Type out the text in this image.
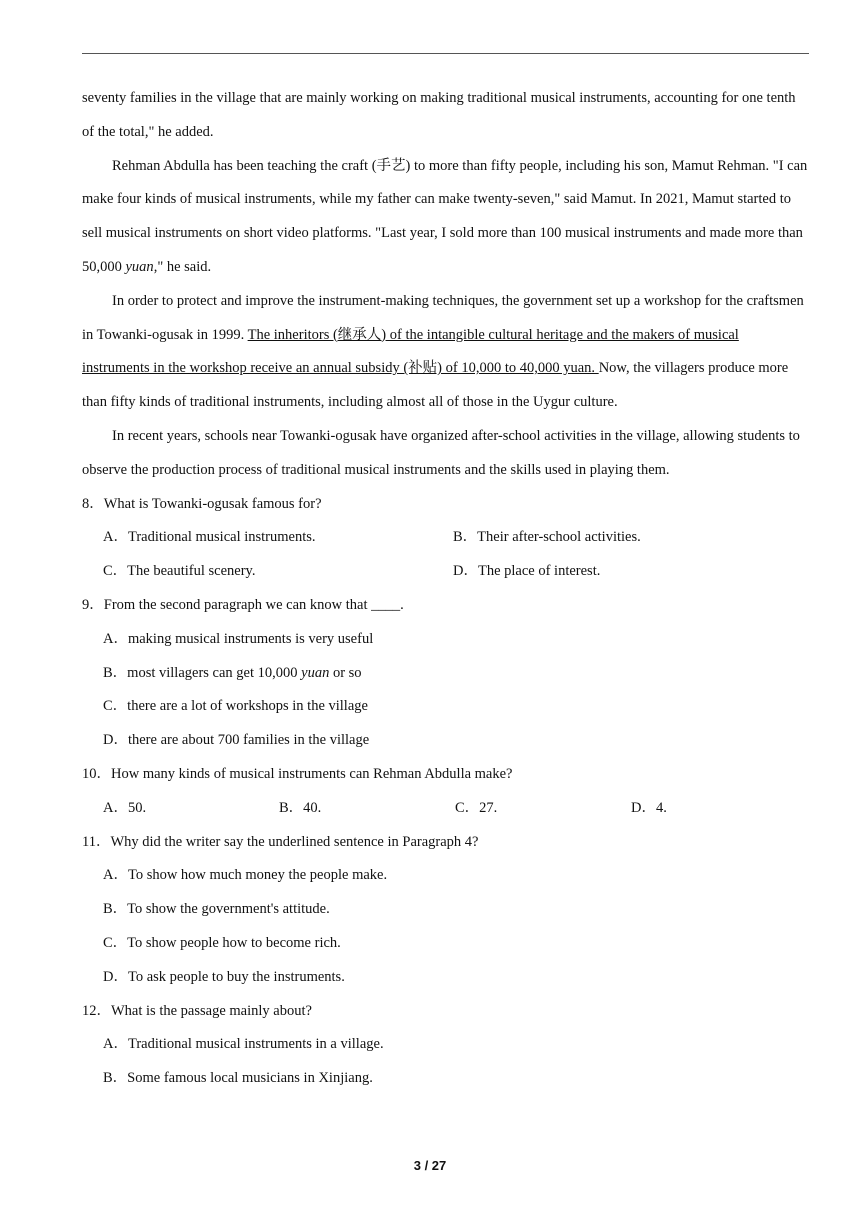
seventy families in the village that are mainly working on making traditional musical instruments, accounting for one tenth of the total," he added.

Rehman Abdulla has been teaching the craft (手艺) to more than fifty people, including his son, Mamut Rehman. "I can make four kinds of musical instruments, while my father can make twenty-seven," said Mamut. In 2021, Mamut started to sell musical instruments on short video platforms. "Last year, I sold more than 100 musical instruments and made more than 50,000 yuan," he said.

In order to protect and improve the instrument-making techniques, the government set up a workshop for the craftsmen in Towanki-ogusak in 1999. The inheritors (继承人) of the intangible cultural heritage and the makers of musical instruments in the workshop receive an annual subsidy (补贴) of 10,000 to 40,000 yuan. Now, the villagers produce more than fifty kinds of traditional instruments, including almost all of those in the Uygur culture.

In recent years, schools near Towanki-ogusak have organized after-school activities in the village, allowing students to observe the production process of traditional musical instruments and the skills used in playing them.

8．What is Towanki-ogusak famous for?

A．Traditional musical instruments.	B．Their after-school activities.
C．The beautiful scenery.	D．The place of interest.

9．From the second paragraph we can know that ____.

A．making musical instruments is very useful

B．most villagers can get 10,000 yuan or so

C．there are a lot of workshops in the village

D．there are about 700 families in the village

10．How many kinds of musical instruments can Rehman Abdulla make?

A．50.	B．40.	C．27.	D．4.

11．Why did the writer say the underlined sentence in Paragraph 4?

A．To show how much money the people make.

B．To show the government's attitude.

C．To show people how to become rich.

D．To ask people to buy the instruments.

12．What is the passage mainly about?

A．Traditional musical instruments in a village.

B．Some famous local musicians in Xinjiang.

3 / 27
